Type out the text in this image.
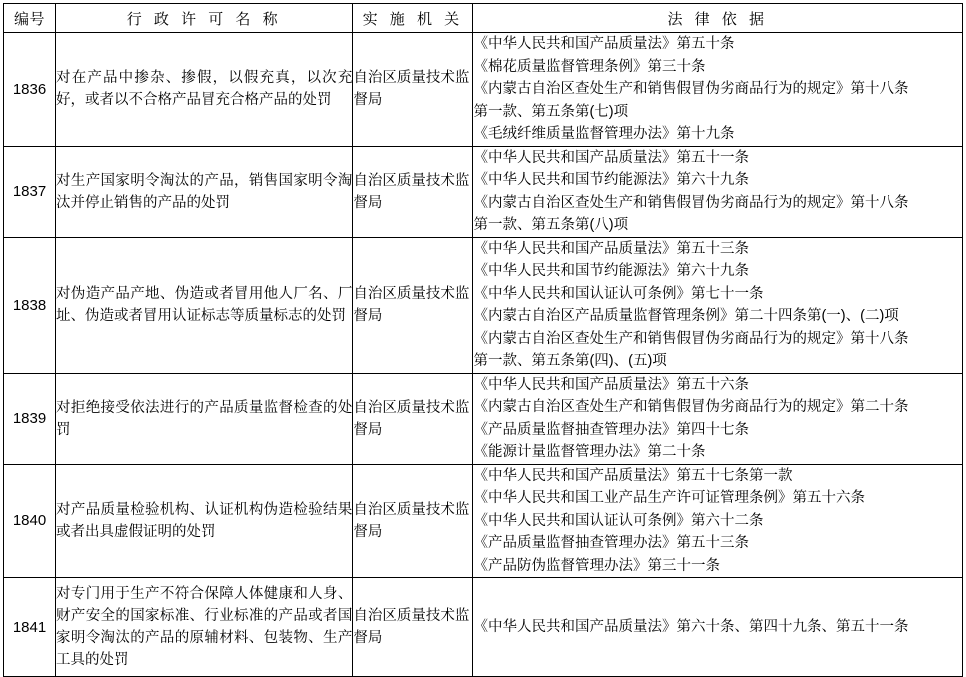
编号	行 政 许 可 名 称	实 施 机 关	法 律 依 据
1836	对在产品中掺杂、掺假，以假充真，以次充好，或者以不合格产品冒充合格产品的处罚	自治区质量技术监督局	《中华人民共和国产品质量法》第五十条
《棉花质量监督管理条例》第三十条
《内蒙古自治区查处生产和销售假冒伪劣商品行为的规定》第十八条
第一款、第五条第(七)项
《毛绒纤维质量监督管理办法》第十九条

1837	对生产国家明令淘汰的产品，销售国家明令淘汰并停止销售的产品的处罚	自治区质量技术监督局	《中华人民共和国产品质量法》第五十一条
《中华人民共和国节约能源法》第六十九条
《内蒙古自治区查处生产和销售假冒伪劣商品行为的规定》第十八条
第一款、第五条第(八)项

1838	对伪造产品产地、伪造或者冒用他人厂名、厂址、伪造或者冒用认证标志等质量标志的处罚	自治区质量技术监督局	
《中华人民共和国产品质量法》第五十三条
《中华人民共和国节约能源法》第六十九条
《中华人民共和国认证认可条例》第七十一条
《内蒙古自治区产品质量监督管理条例》第二十四条第(一)、(二)项
《内蒙古自治区查处生产和销售假冒伪劣商品行为的规定》第十八条
第一款、第五条第(四)、(五)项

1839	对拒绝接受依法进行的产品质量监督检查的处罚	自治区质量技术监督局	《中华人民共和国产品质量法》第五十六条
《内蒙古自治区查处生产和销售假冒伪劣商品行为的规定》第二十条
《产品质量监督抽查管理办法》第四十七条
《能源计量监督管理办法》第二十条

1840	对产品质量检验机构、认证机构伪造检验结果或者出具虚假证明的处罚	自治区质量技术监督局	《中华人民共和国产品质量法》第五十七条第一款
《中华人民共和国工业产品生产许可证管理条例》第五十六条
《中华人民共和国认证认可条例》第六十二条
《产品质量监督抽查管理办法》第五十三条
《产品防伪监督管理办法》第三十一条

1841	对专门用于生产不符合保障人体健康和人身、财产安全的国家标准、行业标准的产品或者国家明令淘汰的产品的原辅材料、包装物、生产工具的处罚	自治区质量技术监督局	《中华人民共和国产品质量法》第六十条、第四十九条、第五十一条
